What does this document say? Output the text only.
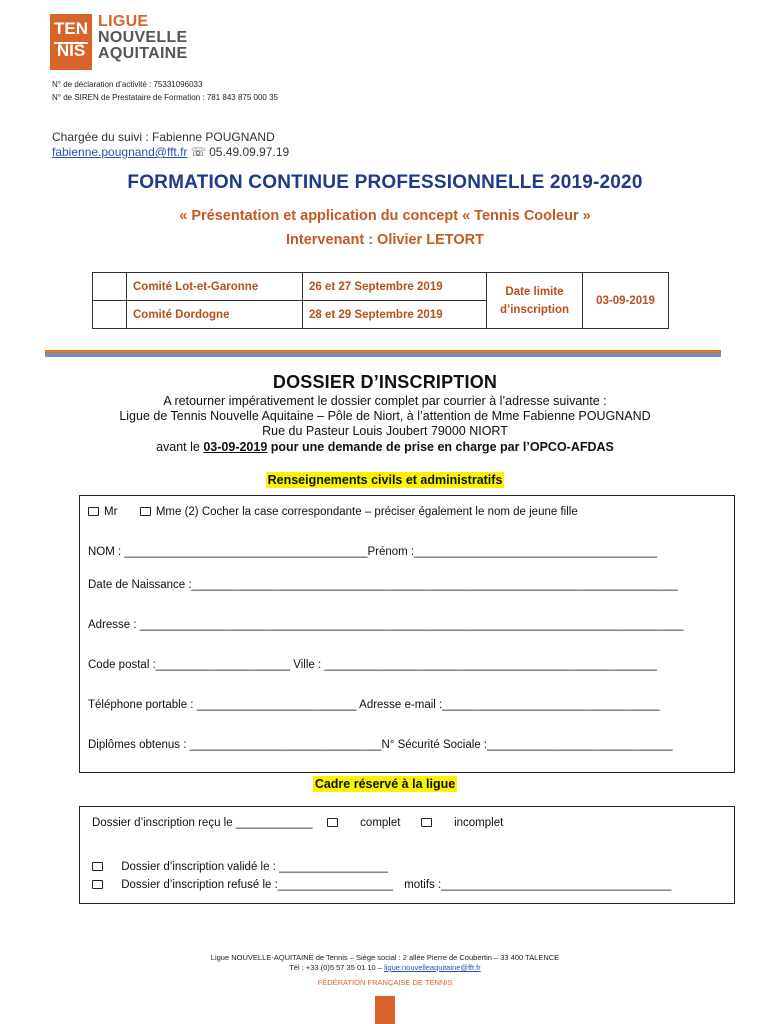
TEN
NIS
LIGUE
NOUVELLE
AQUITAINE
N° de déclaration d’activité : 75331096033
N° de SIREN de Prestataire de Formation : 781 843 875 000 35
Chargée du suivi : Fabienne POUGNAND
fabienne.pougnand@fft.fr ☏ 05.49.09.97.19
FORMATION CONTINUE PROFESSIONNELLE 2019-2020
« Présentation et application du concept « Tennis Cooleur »
Intervenant : Olivier LETORT
	Comité Lot-et-Garonne	26 et 27 Septembre 2019	Date limite d’inscription	03-09-2019
	Comité Dordogne	28 et 29 Septembre 2019		
DOSSIER D’INSCRIPTION
A retourner impérativement le dossier complet par courrier à l’adresse suivante :
Ligue de Tennis Nouvelle Aquitaine – Pôle de Niort, à l’attention de Mme Fabienne POUGNAND
Rue du Pasteur Louis Joubert 79000 NIORT
avant le 03-09-2019 pour une demande de prise en charge par l’OPCO-AFDAS
Renseignements civils et administratifs
Mr	Mme (2) Cocher la case correspondante – préciser également le nom de jeune fille
NOM : ______________________________________Prénom :______________________________________
Date de Naissance :____________________________________________________________________________
Adresse : _____________________________________________________________________________________
Code postal :_____________________ Ville : ____________________________________________________
Téléphone portable : _________________________ Adresse e-mail :__________________________________
Diplômes obtenus : ______________________________N° Sécurité Sociale :_____________________________
Cadre réservé à la ligue
Dossier d’inscription reçu le ____________	complet	incomplet
Dossier d’inscription validé le : _________________
Dossier d’inscription refusé le :__________________ motifs :____________________________________
Ligue NOUVELLE-AQUITAINE de Tennis – Siège social : 2 allée Pierre de Coubertin – 33 400 TALENCE
Tél : +33 (0)5 57 35 01 10 – ligue.nouvelleaquitaine@fft.fr
FÉDÉRATION FRANÇAISE DE TENNIS
